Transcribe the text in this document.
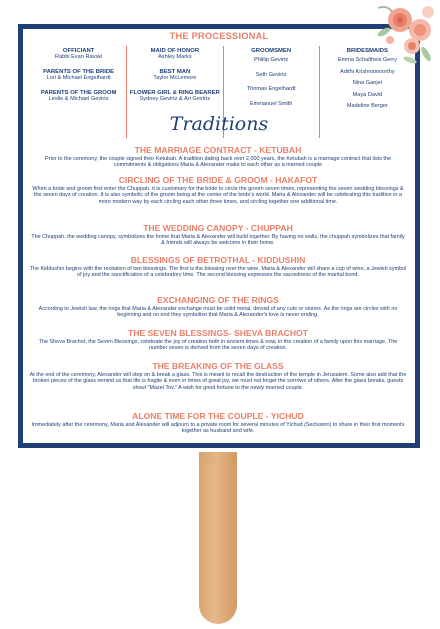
THE PROCESSIONAL
OFFICIANT
Rabbi Evan Ravski
PARENTS OF THE BRIDE
Lori & Michael Engelhardt
PARENTS OF THE GROOM
Leslie & Michael Gevirtz
MAID OF HONOR
Ashley Marks
BEST MAN
Taylor McLemore
FLOWER GIRL & RING BEARER
Sydney Gevirtz & Ari Gevirtz
GROOMSMEN
Phillip Gevirtz
Seth Gevirtz
Thomas Engelhardt
Emmanuel Smith
BRIDESMAIDS
Emma Schultheis Gerry
Adithi Krishnamoorthy
Nina Ganjei
Maya David
Madeline Berger
Traditions
THE MARRIAGE CONTRACT - KETUBAH
Prior to the ceremony, the couple signed their Ketubah. A tradition dating back over 2,000 years, the Ketubah is a marriage contract that lists the commitments & obligations Maria & Alexander make to each other as a married couple
CIRCLING OF THE BRIDE & GROOM - HAKAFOT
When a bride and groom first enter the Chuppah, it is customary for the bride to circle the groom seven times, representing the seven wedding blessings & the seven days of creation. It is also symbolic of the groom being at the center of the bride's world. Maria & Alexander will be celebrating this tradition in a more modern way by each circling each other three times, and circling together one additional time.
THE WEDDING CANOPY - CHUPPAH
The Chuppah, the wedding canopy, symbolizes the home that Maria & Alexander will build together. By having no walls, the chuppah symbolizes that family & friends will always be welcome in their home.
BLESSINGS OF BETROTHAL - KIDDUSHIN
The Kiddushin begins with the recitation of two blessings. The first is the blessing over the wine. Maria & Alexander will share a cup of wine, a Jewish symbol of joy and the sanctification of a celebratory time. The second blessing expresses the sacredness of the marital bond.
EXCHANGING OF THE RINGS
According to Jewish law, the rings that Maria & Alexander exchange must be solid metal, devoid of any cuts or stones. As the rings are circles with no beginning and no end they symbolize that Maria & Alexander's love is never ending.
THE SEVEN BLESSINGS- SHEVA BRACHOT
The Sheva Brachot, the Seven Blessings, celebrate the joy of creation both in ancient times & now, in the creation of a family upon this marriage. The number seven is derived from the seven days of creation.
THE BREAKING OF THE GLASS
At the end of the ceremony, Alexander will step on & break a glass. This is meant to recall the destruction of the temple in Jerusalem. Some also add that the broken pieces of the glass remind us that life is fragile & even in times of great joy, we must not forget the sorrows of others. After the glass breaks, guests shout "Mazel Tov." A wish for good fortune to the newly married couple.
ALONE TIME FOR THE COUPLE - YICHUD
Immediately after the ceremony, Maria and Alexander will adjourn to a private room for several minutes of Yichud (Seclusion) to share in their first moments together as husband and wife.
